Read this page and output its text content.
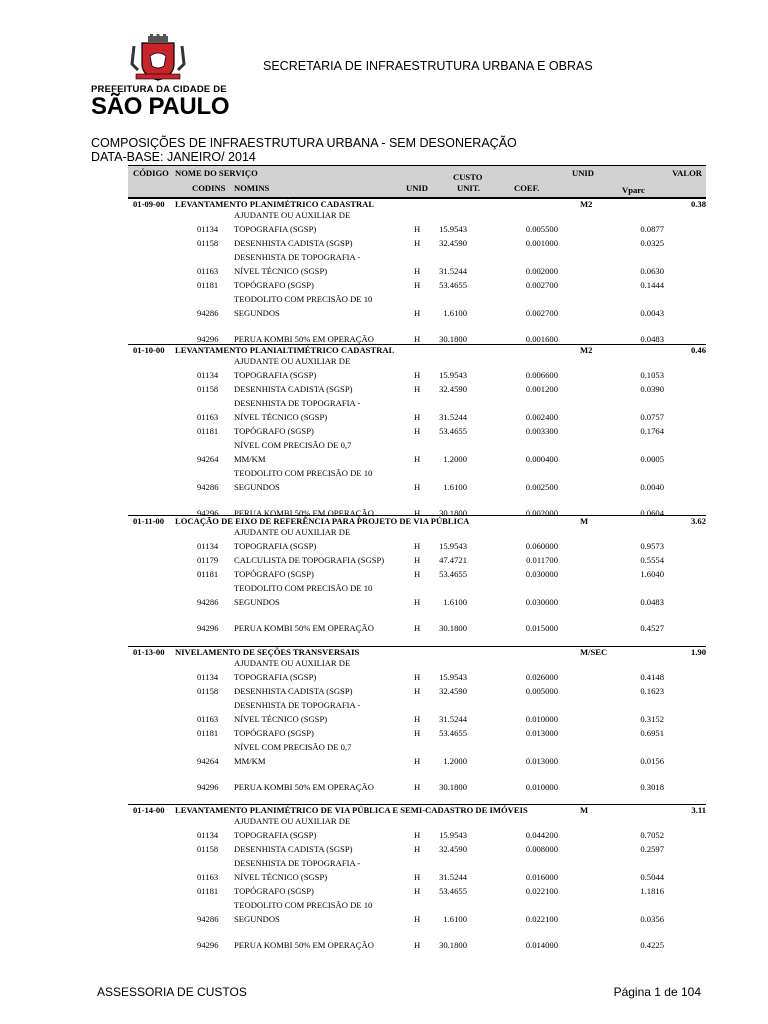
PREFEITURA DA CIDADE DE
SÃO PAULO
SECRETARIA DE INFRAESTRUTURA URBANA E OBRAS
COMPOSIÇÕES DE INFRAESTRUTURA URBANA - SEM DESONERAÇÃO
DATA-BASE: JANEIRO/ 2014
CÓDIGO NOME DO SERVIÇO	CUSTO	UNID	VALOR
CODINS NOMINS	UNID	UNIT.	COEF.	Vparc
01-09-00 LEVANTAMENTO PLANIMÉTRICO CADASTRAL	M2	0.38
AJUDANTE OU AUXILIAR DE
01134 TOPOGRAFIA (SGSP)	H 15.9543	0.005500	0.0877
01158 DESENHISTA CADISTA (SGSP)	H 32.4590	0.001000	0.0325
DESENHISTA DE TOPOGRAFIA -
01163 NÍVEL TÉCNICO (SGSP)	H 31.5244	0.002000	0.0630
01181 TOPÓGRAFO (SGSP)	H 53.4655	0.002700	0.1444
TEODOLITO COM PRECISÃO DE 10
94286 SEGUNDOS	H	1.6100	0.002700	0.0043
94296 PERUA KOMBI 50% EM OPERAÇÃO	H 30.1800	0.001600	0.0483
01-10-00 LEVANTAMENTO PLANIALTIMÉTRICO CADASTRAL	M2	0.46
AJUDANTE OU AUXILIAR DE
01134 TOPOGRAFIA (SGSP)	H 15.9543	0.006600	0.1053
01158 DESENHISTA CADISTA (SGSP)	H 32.4590	0.001200	0.0390
DESENHISTA DE TOPOGRAFIA -
01163 NÍVEL TÉCNICO (SGSP)	H 31.5244	0.002400	0.0757
01181 TOPÓGRAFO (SGSP)	H 53.4655	0.003300	0.1764
NÍVEL COM PRECISÃO DE 0,7
94264 MM/KM	H	1.2000	0.000400	0.0005
TEODOLITO COM PRECISÃO DE 10
94286 SEGUNDOS	H	1.6100	0.002500	0.0040
94296 PERUA KOMBI 50% EM OPERAÇÃO	H 30.1800	0.002000	0.0604
01-11-00 LOCAÇÃO DE EIXO DE REFERÊNCIA PARA PROJETO DE VIA PÚBLICA	M	3.62
AJUDANTE OU AUXILIAR DE
01134 TOPOGRAFIA (SGSP)	H 15.9543	0.060000	0.9573
01179 CALCULISTA DE TOPOGRAFIA (SGSP)	H 47.4721	0.011700	0.5554
01181 TOPÓGRAFO (SGSP)	H 53.4655	0.030000	1.6040
TEODOLITO COM PRECISÃO DE 10
94286 SEGUNDOS	H	1.6100	0.030000	0.0483
94296 PERUA KOMBI 50% EM OPERAÇÃO	H 30.1800	0.015000	0.4527
01-13-00 NIVELAMENTO DE SEÇÕES TRANSVERSAIS	M/SEC	1.90
AJUDANTE OU AUXILIAR DE
01134 TOPOGRAFIA (SGSP)	H 15.9543	0.026000	0.4148
01158 DESENHISTA CADISTA (SGSP)	H 32.4590	0.005000	0.1623
DESENHISTA DE TOPOGRAFIA -
01163 NÍVEL TÉCNICO (SGSP)	H 31.5244	0.010000	0.3152
01181 TOPÓGRAFO (SGSP)	H 53.4655	0.013000	0.6951
NÍVEL COM PRECISÃO DE 0,7
94264 MM/KM	H	1.2000	0.013000	0.0156
94296 PERUA KOMBI 50% EM OPERAÇÃO	H 30.1800	0.010000	0.3018
01-14-00 LEVANTAMENTO PLANIMÉTRICO DE VIA PÚBLICA E SEMI-CADASTRO DE IMÓVEIS	M	3.11
AJUDANTE OU AUXILIAR DE
01134 TOPOGRAFIA (SGSP)	H 15.9543	0.044200	0.7052
01158 DESENHISTA CADISTA (SGSP)	H 32.4590	0.008000	0.2597
DESENHISTA DE TOPOGRAFIA -
01163 NÍVEL TÉCNICO (SGSP)	H 31.5244	0.016000	0.5044
01181 TOPÓGRAFO (SGSP)	H 53.4655	0.022100	1.1816
TEODOLITO COM PRECISÃO DE 10
94286 SEGUNDOS	H	1.6100	0.022100	0.0356
94296 PERUA KOMBI 50% EM OPERAÇÃO	H 30.1800	0.014000	0.4225
ASSESSORIA DE CUSTOS	Página 1 de 104
